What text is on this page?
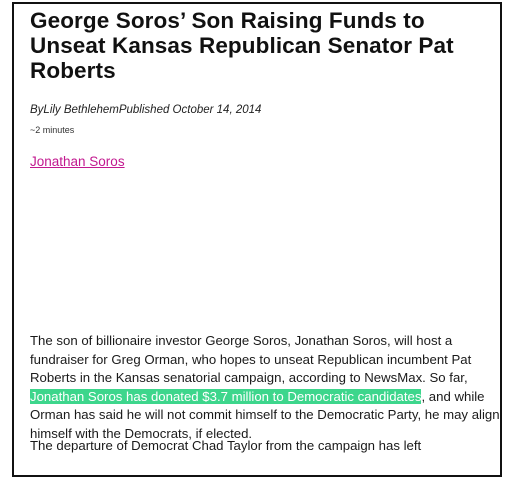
George Soros’ Son Raising Funds to Unseat Kansas Republican Senator Pat Roberts
ByLily BethlehemPublished October 14, 2014
~2 minutes
Jonathan Soros

The son of billionaire investor George Soros, Jonathan Soros, will host a fundraiser for Greg Orman, who hopes to unseat Republican incumbent Pat Roberts in the Kansas senatorial campaign, according to NewsMax. So far, Jonathan Soros has donated $3.7 million to Democratic candidates, and while Orman has said he will not commit himself to the Democratic Party, he may align himself with the Democrats, if elected.

The departure of Democrat Chad Taylor from the campaign has left
